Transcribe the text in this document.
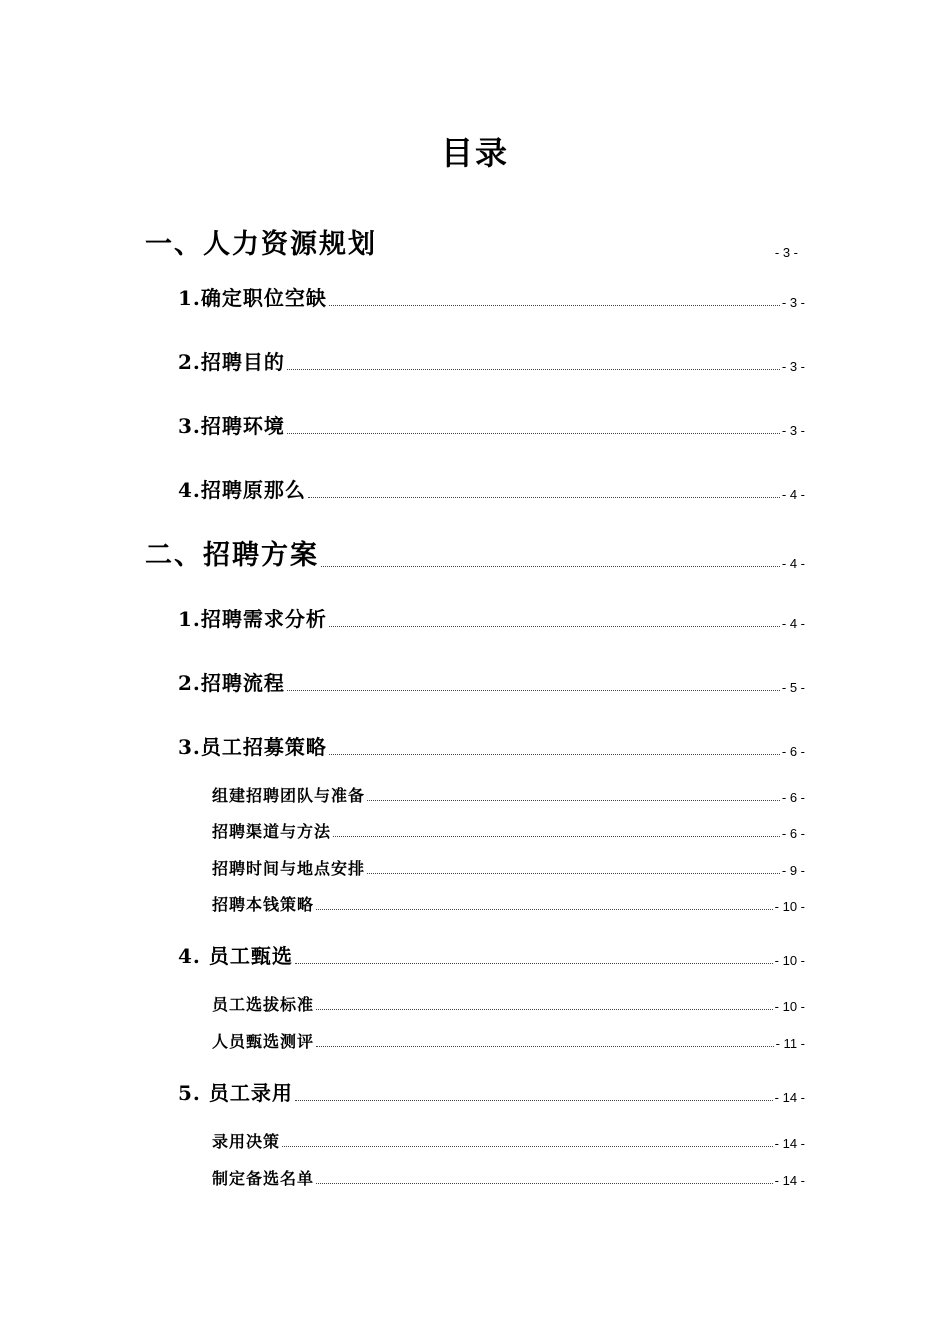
目录
一、人力资源规划	- 3 -
1.确定职位空缺	- 3 -
2.招聘目的	- 3 -
3.招聘环境	- 3 -
4.招聘原那么	- 4 -
二、招聘方案	- 4 -
1.招聘需求分析	- 4 -
2.招聘流程	- 5 -
3.员工招募策略	- 6 -
组建招聘团队与准备	- 6 -
招聘渠道与方法	- 6 -
招聘时间与地点安排	- 9 -
招聘本钱策略	- 10 -
4. 员工甄选	- 10 -
员工选拔标准	- 10 -
人员甄选测评	- 11 -
5. 员工录用	- 14 -
录用决策	- 14 -
制定备选名单	- 14 -
